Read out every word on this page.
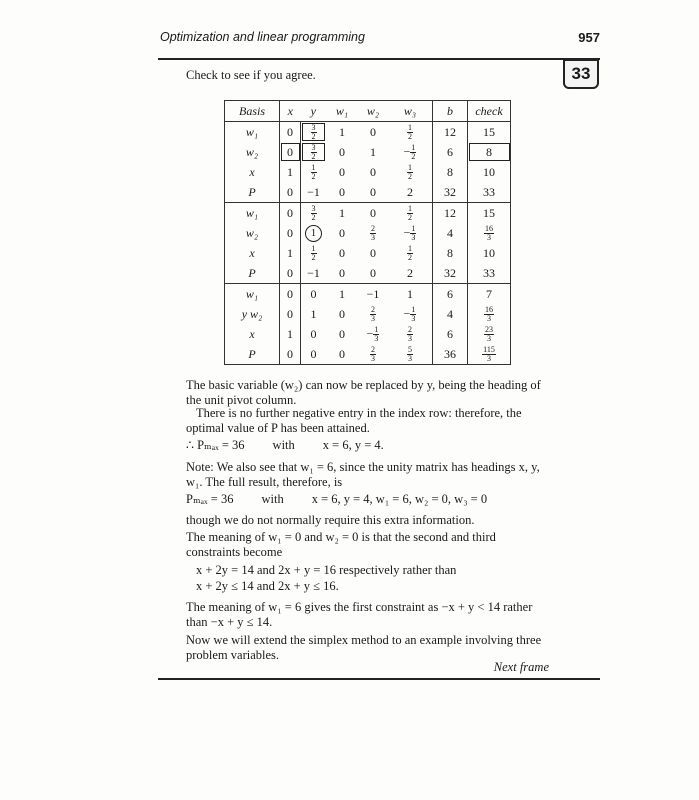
Optimization and linear programming	957
33
Check to see if you agree.
Basis	x	y	w₁	w₂	w₃	b	check
w₁	0	$\frac{3}{2}$	1	0	$\frac{1}{2}$	12	15
w₂	0	$\frac{3}{2}$	0	1	− $\frac{1}{2}$	6	8
x	1	$\frac{1}{2}$	0	0	$\frac{1}{2}$	8	10
P	0	−1	0	0	2	32	33
w₁	0	$\frac{3}{2}$	1	0	$\frac{1}{2}$	12	15
w₂	0	1	0	$\frac{2}{3}$	− $\frac{1}{3}$	4	$\frac{16}{3}$

x	1	$\frac{1}{2}$	0	0	$\frac{1}{2}$	8	10
P	0	−1	0	0	2	32	33
w₁	0	0	1	−1	1	6	7
y w₂	0	1	0	$\frac{2}{3}$	− $\frac{1}{3}$	4	$\frac{16}{3}$

x	1	0	0	− $\frac{1}{3}$	$\frac{2}{3}$	6	$\frac{23}{3}$

P	0	0	0	$\frac{2}{3}$	$\frac{5}{3}$	36	$\frac{115}{3}$
The basic variable (w₂) can now be replaced by y, being the heading of the unit pivot column.
There is no further negative entry in the index row: therefore, the optimal value of P has been attained.
∴ Pₘₐₓ = 36 with x = 6, y = 4.
Note: We also see that w₁ = 6, since the unity matrix has headings x, y, w₁. The full result, therefore, is
Pₘₐₓ = 36 with x = 6, y = 4, w₁ = 6, w₂ = 0, w₃ = 0
though we do not normally require this extra information.
The meaning of w₁ = 0 and w₂ = 0 is that the second and third constraints become
x + 2y = 14 and 2x + y = 16 respectively rather than
x + 2y ≤ 14 and 2x + y ≤ 16.
The meaning of w₁ = 6 gives the first constraint as −x + y < 14 rather than −x + y ≤ 14.
Now we will extend the simplex method to an example involving three problem variables.
Next frame
